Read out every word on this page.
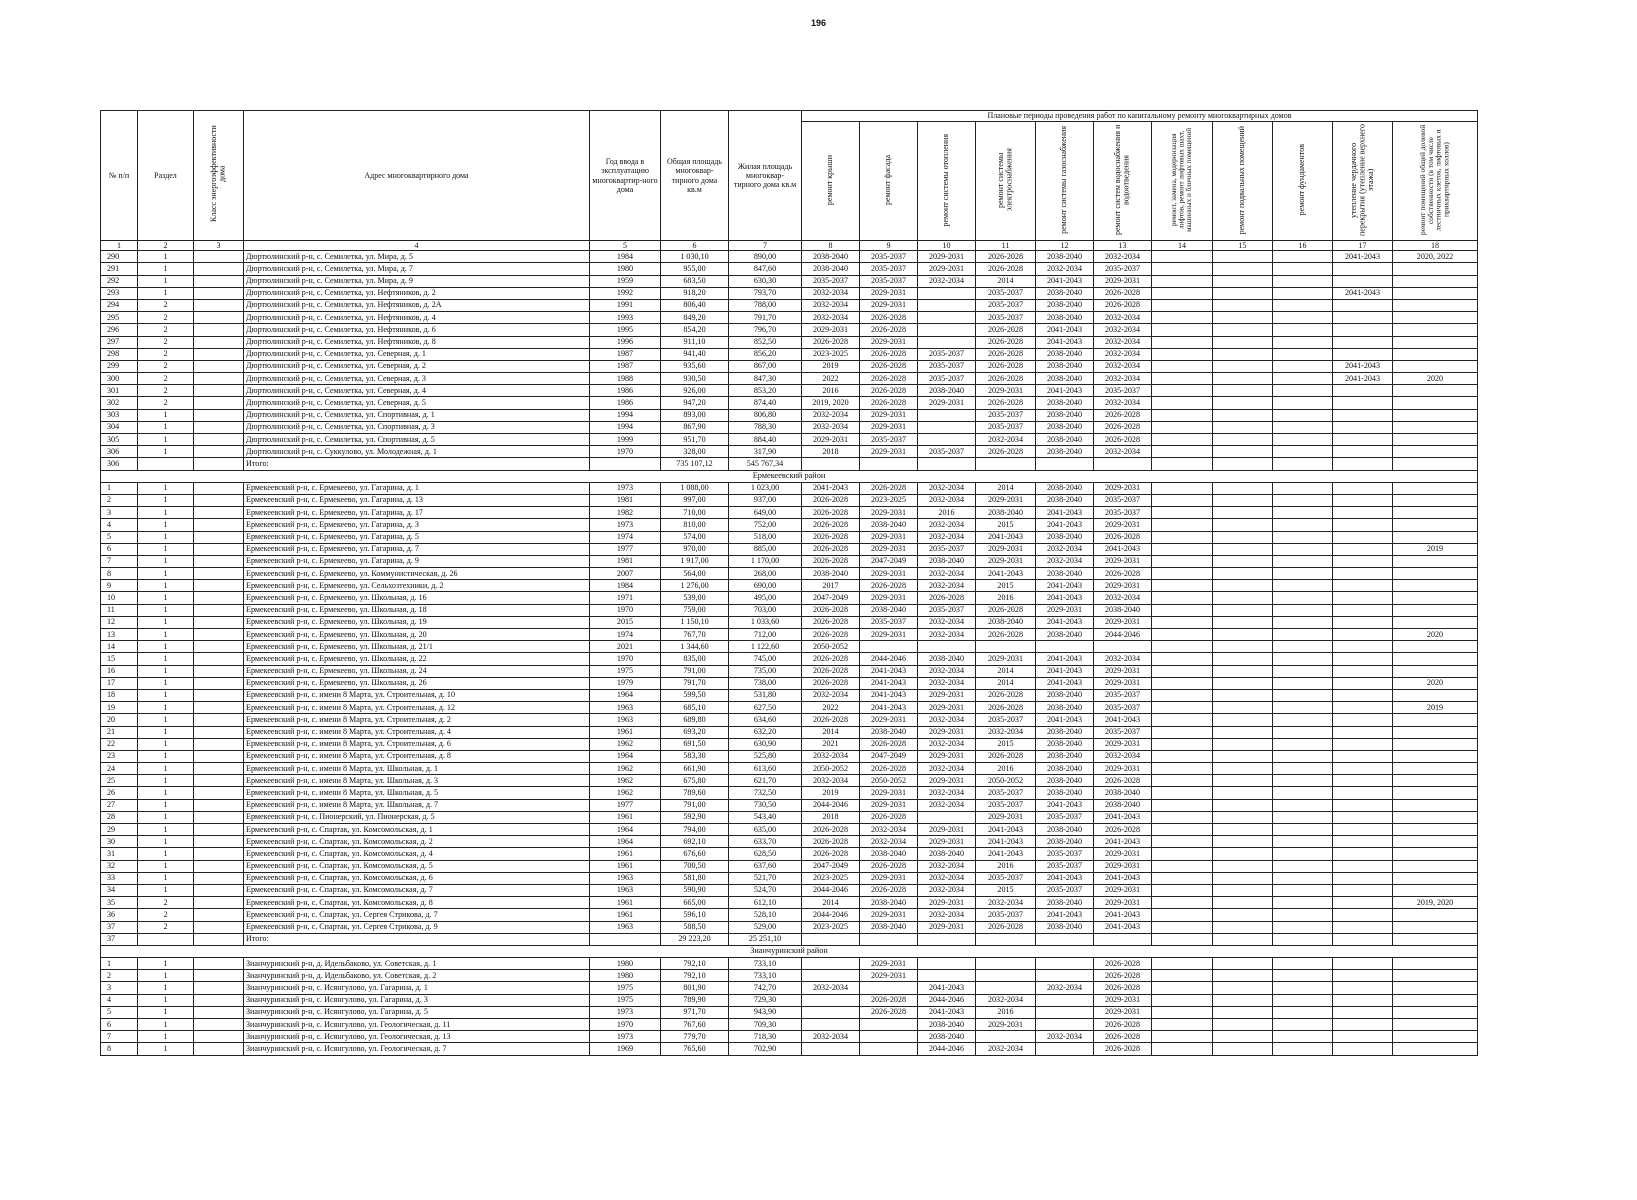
196
№ п/п	Раздел	Класс энергоэффективности дома	Адрес многоквартирного дома	Год ввода в эксплуатацию многоквартир-ного дома	Общая площадь многоквар-тирного дома кв.м	Жилая площадь многоквар-тирного дома кв.м	Плановые периоды проведения работ по капитальному ремонту многоквартирных домов										
							ремонт крыши	ремонт фасада	ремонт системы отопления	ремонт системы электроснабжения	ремонт системы газоснабжения	ремонт систем водоснабжения и водоотведения	ремонт, замена, модернизация лифтов, ремонт лифтовых шахт, машинных и блочных помещений	ремонт подвальных помещений	ремонт фундаментов	утепление чердачного перекрытия (утепление верхнего этажа)	ремонт помещений общей долевой собственности (в том числе лестничных клеток, лифтовых и приквартирных холлов)
1	2	3	4	5	6	7	8	9	10	11	12	13	14	15	16	17	18
290	1		Дюртюлинский р-н, с. Семилетка, ул. Мира, д. 5	1984	1 030,10	890,00	2038-2040	2035-2037	2029-2031	2026-2028	2038-2040	2032-2034				2041-2043	2020, 2022
291	1		Дюртюлинский р-н, с. Семилетка, ул. Мира, д. 7	1980	955,00	847,60	2038-2040	2035-2037	2029-2031	2026-2028	2032-2034	2035-2037					
292	1		Дюртюлинский р-н, с. Семилетка, ул. Мира, д. 9	1959	683,50	630,30	2035-2037	2035-2037	2032-2034	2014	2041-2043	2029-2031					
293	1		Дюртюлинский р-н, с. Семилетка, ул. Нефтяников, д. 2	1992	918,20	793,70	2032-2034	2029-2031		2035-2037	2038-2040	2026-2028				2041-2043	
294	2		Дюртюлинский р-н, с. Семилетка, ул. Нефтяников, д. 2А	1991	806,40	788,00	2032-2034	2029-2031		2035-2037	2038-2040	2026-2028					
295	2		Дюртюлинский р-н, с. Семилетка, ул. Нефтяников, д. 4	1993	849,20	791,70	2032-2034	2026-2028		2035-2037	2038-2040	2032-2034					
296	2		Дюртюлинский р-н, с. Семилетка, ул. Нефтяников, д. 6	1995	854,20	796,70	2029-2031	2026-2028		2026-2028	2041-2043	2032-2034					
297	2		Дюртюлинский р-н, с. Семилетка, ул. Нефтяников, д. 8	1996	911,10	852,50	2026-2028	2029-2031		2026-2028	2041-2043	2032-2034					
298	2		Дюртюлинский р-н, с. Семилетка, ул. Северная, д. 1	1987	941,40	856,20	2023-2025	2026-2028	2035-2037	2026-2028	2038-2040	2032-2034					
299	2		Дюртюлинский р-н, с. Семилетка, ул. Северная, д. 2	1987	935,60	867,00	2019	2026-2028	2035-2037	2026-2028	2038-2040	2032-2034				2041-2043	
300	2		Дюртюлинский р-н, с. Семилетка, ул. Северная, д. 3	1988	930,50	847,30	2022	2026-2028	2035-2037	2026-2028	2038-2040	2032-2034				2041-2043	2020
301	2		Дюртюлинский р-н, с. Семилетка, ул. Северная, д. 4	1986	926,00	853,20	2016	2026-2028	2038-2040	2029-2031	2041-2043	2035-2037					
302	2		Дюртюлинский р-н, с. Семилетка, ул. Северная, д. 5	1986	947,20	874,40	2019, 2020	2026-2028	2029-2031	2026-2028	2038-2040	2032-2034					
303	1		Дюртюлинский р-н, с. Семилетка, ул. Спортивная, д. 1	1994	893,00	806,80	2032-2034	2029-2031		2035-2037	2038-2040	2026-2028					
304	1		Дюртюлинский р-н, с. Семилетка, ул. Спортивная, д. 3	1994	867,90	788,30	2032-2034	2029-2031		2035-2037	2038-2040	2026-2028					
305	1		Дюртюлинский р-н, с. Семилетка, ул. Спортивная, д. 5	1999	951,70	884,40	2029-2031	2035-2037		2032-2034	2038-2040	2026-2028					
306	1		Дюртюлинский р-н, с. Суккулово, ул. Молодежная, д. 1	1970	328,00	317,90	2018	2029-2031	2035-2037	2026-2028	2038-2040	2032-2034					
306			Итого:		735 107,12	545 767,34											
Ермекеевский район																	
1	1		Ермекеевский р-н, с. Ермекеево, ул. Гагарина, д. 1	1973	1 088,00	1 023,00	2041-2043	2026-2028	2032-2034	2014	2038-2040	2029-2031					
2	1		Ермекеевский р-н, с. Ермекеево, ул. Гагарина, д. 13	1981	997,00	937,00	2026-2028	2023-2025	2032-2034	2029-2031	2038-2040	2035-2037					
3	1		Ермекеевский р-н, с. Ермекеево, ул. Гагарина, д. 17	1982	710,00	649,00	2026-2028	2029-2031	2016	2038-2040	2041-2043	2035-2037					
4	1		Ермекеевский р-н, с. Ермекеево, ул. Гагарина, д. 3	1973	810,00	752,00	2026-2028	2038-2040	2032-2034	2015	2041-2043	2029-2031					
5	1		Ермекеевский р-н, с. Ермекеево, ул. Гагарина, д. 5	1974	574,00	518,00	2026-2028	2029-2031	2032-2034	2041-2043	2038-2040	2026-2028					
6	1		Ермекеевский р-н, с. Ермекеево, ул. Гагарина, д. 7	1977	970,00	885,00	2026-2028	2029-2031	2035-2037	2029-2031	2032-2034	2041-2043					2019
7	1		Ермекеевский р-н, с. Ермекеево, ул. Гагарина, д. 9	1981	1 917,00	1 170,00	2026-2028	2047-2049	2038-2040	2029-2031	2032-2034	2029-2031					
8	1		Ермекеевский р-н, с. Ермекеево, ул. Коммунистическая, д. 26	2007	564,00	268,00	2038-2040	2029-2031	2032-2034	2041-2043	2038-2040	2026-2028					
9	1		Ермекеевский р-н, с. Ермекеево, ул. Сельхозтехники, д. 2	1984	1 276,00	690,00	2017	2026-2028	2032-2034	2015	2041-2043	2029-2031					
10	1		Ермекеевский р-н, с. Ермекеево, ул. Школьная, д. 16	1971	539,00	495,00	2047-2049	2029-2031	2026-2028	2016	2041-2043	2032-2034					
11	1		Ермекеевский р-н, с. Ермекеево, ул. Школьная, д. 18	1970	759,00	703,00	2026-2028	2038-2040	2035-2037	2026-2028	2029-2031	2038-2040					
12	1		Ермекеевский р-н, с. Ермекеево, ул. Школьная, д. 19	2015	1 150,10	1 033,60	2026-2028	2035-2037	2032-2034	2038-2040	2041-2043	2029-2031					
13	1		Ермекеевский р-н, с. Ермекеево, ул. Школьная, д. 20	1974	767,70	712,00	2026-2028	2029-2031	2032-2034	2026-2028	2038-2040	2044-2046					2020
14	1		Ермекеевский р-н, с. Ермекеево, ул. Школьная, д. 21/1	2021	1 344,60	1 122,60	2050-2052										
15	1		Ермекеевский р-н, с. Ермекеево, ул. Школьная, д. 22	1970	835,00	745,00	2026-2028	2044-2046	2038-2040	2029-2031	2041-2043	2032-2034					
16	1		Ермекеевский р-н, с. Ермекеево, ул. Школьная, д. 24	1975	791,00	735,00	2026-2028	2041-2043	2032-2034	2014	2041-2043	2029-2031					
17	1		Ермекеевский р-н, с. Ермекеево, ул. Школьная, д. 26	1979	791,70	738,00	2026-2028	2041-2043	2032-2034	2014	2041-2043	2029-2031					2020
18	1		Ермекеевский р-н, с. имени 8 Марта, ул. Строительная, д. 10	1964	599,50	531,80	2032-2034	2041-2043	2029-2031	2026-2028	2038-2040	2035-2037					
19	1		Ермекеевский р-н, с. имени 8 Марта, ул. Строительная, д. 12	1963	685,10	627,50	2022	2041-2043	2029-2031	2026-2028	2038-2040	2035-2037					2019
20	1		Ермекеевский р-н, с. имени 8 Марта, ул. Строительная, д. 2	1963	689,80	634,60	2026-2028	2029-2031	2032-2034	2035-2037	2041-2043	2041-2043					
21	1		Ермекеевский р-н, с. имени 8 Марта, ул. Строительная, д. 4	1961	693,20	632,20	2014	2038-2040	2029-2031	2032-2034	2038-2040	2035-2037					
22	1		Ермекеевский р-н, с. имени 8 Марта, ул. Строительная, д. 6	1962	691,50	630,90	2021	2026-2028	2032-2034	2015	2038-2040	2029-2031					
23	1		Ермекеевский р-н, с. имени 8 Марта, ул. Строительная, д. 8	1964	583,30	525,80	2032-2034	2047-2049	2029-2031	2026-2028	2038-2040	2032-2034					
24	1		Ермекеевский р-н, с. имени 8 Марта, ул. Школьная, д. 1	1962	661,90	613,60	2050-2052	2026-2028	2032-2034	2016	2038-2040	2029-2031					
25	1		Ермекеевский р-н, с. имени 8 Марта, ул. Школьная, д. 3	1962	675,80	621,70	2032-2034	2050-2052	2029-2031	2050-2052	2038-2040	2026-2028					
26	1		Ермекеевский р-н, с. имени 8 Марта, ул. Школьная, д. 5	1962	789,60	732,50	2019	2029-2031	2032-2034	2035-2037	2038-2040	2038-2040					
27	1		Ермекеевский р-н, с. имени 8 Марта, ул. Школьная, д. 7	1977	791,00	730,50	2044-2046	2029-2031	2032-2034	2035-2037	2041-2043	2038-2040					
28	1		Ермекеевский р-н, с. Пионерский, ул. Пионерская, д. 5	1961	592,90	543,40	2018	2026-2028		2029-2031	2035-2037	2041-2043					
29	1		Ермекеевский р-н, с. Спартак, ул. Комсомольская, д. 1	1964	794,00	635,00	2026-2028	2032-2034	2029-2031	2041-2043	2038-2040	2026-2028					
30	1		Ермекеевский р-н, с. Спартак, ул. Комсомольская, д. 2	1964	692,10	633,70	2026-2028	2032-2034	2029-2031	2041-2043	2038-2040	2041-2043					
31	1		Ермекеевский р-н, с. Спартак, ул. Комсомольская, д. 4	1961	676,60	628,50	2026-2028	2038-2040	2038-2040	2041-2043	2035-2037	2029-2031					
32	1		Ермекеевский р-н, с. Спартак, ул. Комсомольская, д. 5	1961	700,50	637,60	2047-2049	2026-2028	2032-2034	2016	2035-2037	2029-2031					
33	1		Ермекеевский р-н, с. Спартак, ул. Комсомольская, д. 6	1963	581,80	521,70	2023-2025	2029-2031	2032-2034	2035-2037	2041-2043	2041-2043					
34	1		Ермекеевский р-н, с. Спартак, ул. Комсомольская, д. 7	1963	590,90	524,70	2044-2046	2026-2028	2032-2034	2015	2035-2037	2029-2031					
35	2		Ермекеевский р-н, с. Спартак, ул. Комсомольская, д. 8	1961	665,00	612,10	2014	2038-2040	2029-2031	2032-2034	2038-2040	2029-2031					2019, 2020
36	2		Ермекеевский р-н, с. Спартак, ул. Сергея Стрикова, д. 7	1961	596,10	528,10	2044-2046	2029-2031	2032-2034	2035-2037	2041-2043	2041-2043					
37	2		Ермекеевский р-н, с. Спартак, ул. Сергея Стрикова, д. 9	1963	588,50	529,00	2023-2025	2038-2040	2029-2031	2026-2028	2038-2040	2041-2043					
37			Итого:		29 223,20	25 251,10											
Зианчуринский район																	
1	1		Зианчуринский р-н, д. Идельбаково, ул. Советская, д. 1	1980	792,10	733,10		2029-2031				2026-2028					
2	1		Зианчуринский р-н, д. Идельбаково, ул. Советская, д. 2	1980	792,10	733,10		2029-2031				2026-2028					
3	1		Зианчуринский р-н, с. Исянгулово, ул. Гагарина, д. 1	1975	801,90	742,70	2032-2034		2041-2043		2032-2034	2026-2028					
4	1		Зианчуринский р-н, с. Исянгулово, ул. Гагарина, д. 3	1975	789,90	729,30		2026-2028	2044-2046	2032-2034		2029-2031					
5	1		Зианчуринский р-н, с. Исянгулово, ул. Гагарина, д. 5	1973	971,70	943,90		2026-2028	2041-2043	2016		2029-2031					
6	1		Зианчуринский р-н, с. Исянгулово, ул. Геологическая, д. 11	1970	767,60	709,30			2038-2040	2029-2031		2026-2028					
7	1		Зианчуринский р-н, с. Исянгулово, ул. Геологическая, д. 13	1973	779,70	718,30	2032-2034		2038-2040		2032-2034	2026-2028					
8	1		Зианчуринский р-н, с. Исянгулово, ул. Геологическая, д. 7	1969	765,60	702,90			2044-2046	2032-2034		2026-2028					
